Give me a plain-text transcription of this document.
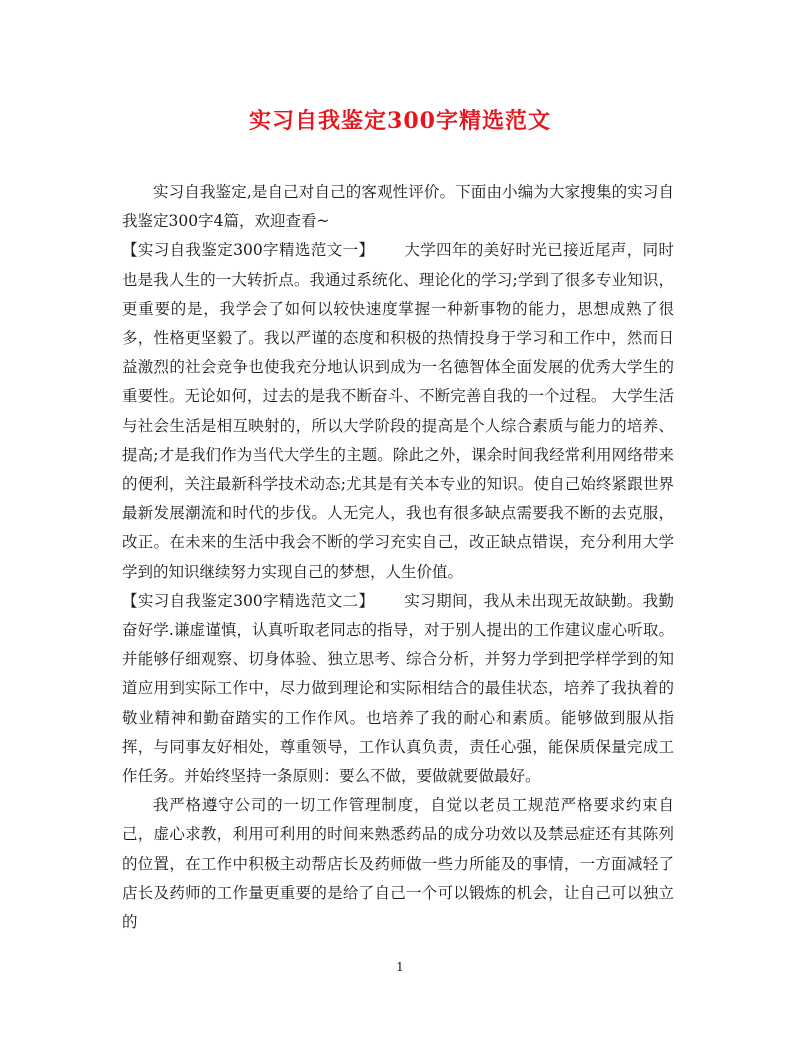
实习自我鉴定300字精选范文

实习自我鉴定,是自己对自己的客观性评价。下面由小编为大家搜集的实习自我鉴定300字4篇，欢迎查看~

【实习自我鉴定300字精选范文一】 大学四年的美好时光已接近尾声，同时也是我人生的一大转折点。我通过系统化、理论化的学习;学到了很多专业知识，更重要的是，我学会了如何以较快速度掌握一种新事物的能力，思想成熟了很多，性格更坚毅了。我以严谨的态度和积极的热情投身于学习和工作中，然而日益激烈的社会竞争也使我充分地认识到成为一名德智体全面发展的优秀大学生的重要性。无论如何，过去的是我不断奋斗、不断完善自我的一个过程。 大学生活与社会生活是相互映射的，所以大学阶段的提高是个人综合素质与能力的培养、提高;才是我们作为当代大学生的主题。除此之外，课余时间我经常利用网络带来的便利，关注最新科学技术动态;尤其是有关本专业的知识。使自己始终紧跟世界最新发展潮流和时代的步伐。人无完人，我也有很多缺点需要我不断的去克服，改正。在未来的生活中我会不断的学习充实自己，改正缺点错误，充分利用大学学到的知识继续努力实现自己的梦想，人生价值。

【实习自我鉴定300字精选范文二】 实习期间，我从未出现无故缺勤。我勤奋好学.谦虚谨慎，认真听取老同志的指导，对于别人提出的工作建议虚心听取。并能够仔细观察、切身体验、独立思考、综合分析，并努力学到把学样学到的知道应用到实际工作中，尽力做到理论和实际相结合的最佳状态，培养了我执着的敬业精神和勤奋踏实的工作作风。也培养了我的耐心和素质。能够做到服从指挥，与同事友好相处，尊重领导，工作认真负责，责任心强，能保质保量完成工作任务。并始终坚持一条原则：要么不做，要做就要做最好。

我严格遵守公司的一切工作管理制度，自觉以老员工规范严格要求约束自己，虚心求教，利用可利用的时间来熟悉药品的成分功效以及禁忌症还有其陈列的位置，在工作中积极主动帮店长及药师做一些力所能及的事情，一方面减轻了店长及药师的工作量更重要的是给了自己一个可以锻炼的机会，让自己可以独立的

1
